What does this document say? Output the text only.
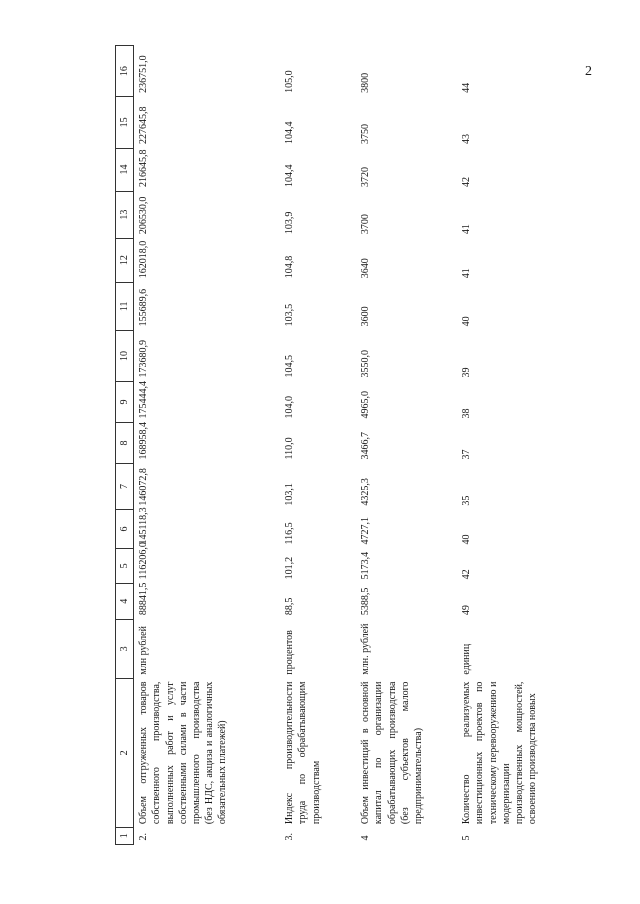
2
1	2	3	4	5	6	7	8	9	10	11	12	13	14	15	16
2.	Объем отгруженных товаров собственного производства, выполненных работ и услуг собственными силами в части промышленного производства (без НДС, акциза и аналогичных обязательных платежей)	млн рублей	88841,5	116206,0	145118,3	146072,8	168958,4	175444,4	173680,9	155689,6	162018,0	206530,0	216645,8	227645,8	236751,0
3.	Индекс производительности труда по обрабатывающим производствам	процентов	88,5	101,2	116,5	103,1	110,0	104,0	104,5	103,5	104,8	103,9	104,4	104,4	105,0
4	Объем инвестиций в основной капитал по организации обрабатывающих производства (без субъектов малого предпринимательства)	млн. рублей	5388,5	5173,4	4727,1	4325,3	3466,7	4965,0	3550,0	3600	3640	3700	3720	3750	3800
5	Количество реализуемых инвестиционных проектов по техническому перевооружению и модернизации производственных мощностей, освоению производства новых	единиц	49	42	40	35	37	38	39	40	41	41	42	43	44
